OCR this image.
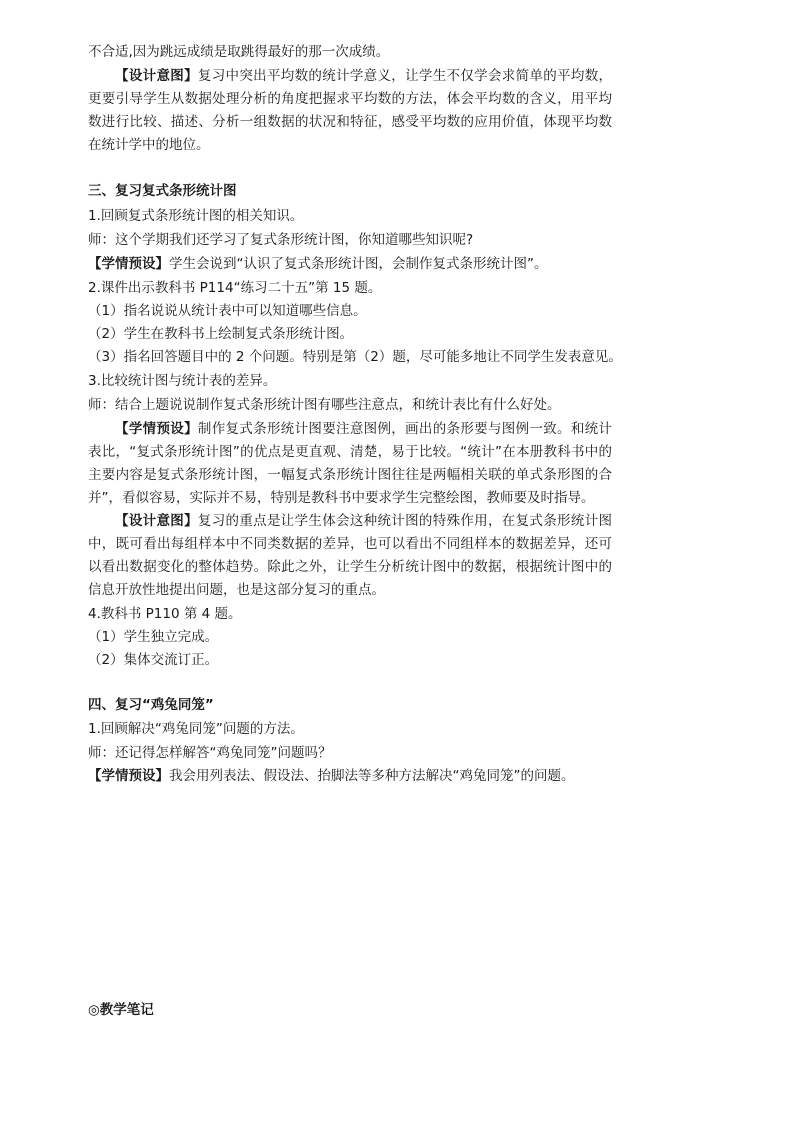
不合适,因为跳远成绩是取跳得最好的那一次成绩。
【设计意图】复习中突出平均数的统计学意义，让学生不仅学会求简单的平均数，更要引导学生从数据处理分析的角度把握求平均数的方法，体会平均数的含义，用平均数进行比较、描述、分析一组数据的状况和特征，感受平均数的应用价值，体现平均数在统计学中的地位。
三、复习复式条形统计图
1.回顾复式条形统计图的相关知识。
师：这个学期我们还学习了复式条形统计图，你知道哪些知识呢?
【学情预设】学生会说到“认识了复式条形统计图，会制作复式条形统计图”。
2.课件出示教科书 P114“练习二十五”第 15 题。
（1）指名说说从统计表中可以知道哪些信息。
（2）学生在教科书上绘制复式条形统计图。
（3）指名回答题目中的 2 个问题。特别是第（2）题，尽可能多地让不同学生发表意见。
3.比较统计图与统计表的差异。
师：结合上题说说制作复式条形统计图有哪些注意点，和统计表比有什么好处。
【学情预设】制作复式条形统计图要注意图例，画出的条形要与图例一致。和统计表比，“复式条形统计图”的优点是更直观、清楚，易于比较。“统计”在本册教科书中的主要内容是复式条形统计图，一幅复式条形统计图往往是两幅相关联的单式条形图的合并”，看似容易，实际并不易，特别是教科书中要求学生完整绘图，教师要及时指导。
【设计意图】复习的重点是让学生体会这种统计图的特殊作用，在复式条形统计图中，既可看出每组样本中不同类数据的差异，也可以看出不同组样本的数据差异，还可以看出数据变化的整体趋势。除此之外，让学生分析统计图中的数据，根据统计图中的信息开放性地提出问题，也是这部分复习的重点。
4.教科书 P110 第 4 题。
（1）学生独立完成。
（2）集体交流订正。
四、复习“鸡兔同笼”
1.回顾解决“鸡兔同笼”问题的方法。
师：还记得怎样解答“鸡兔同笼”问题吗？
【学情预设】我会用列表法、假设法、抬脚法等多种方法解决“鸡兔同笼”的问题。
◎教学笔记
